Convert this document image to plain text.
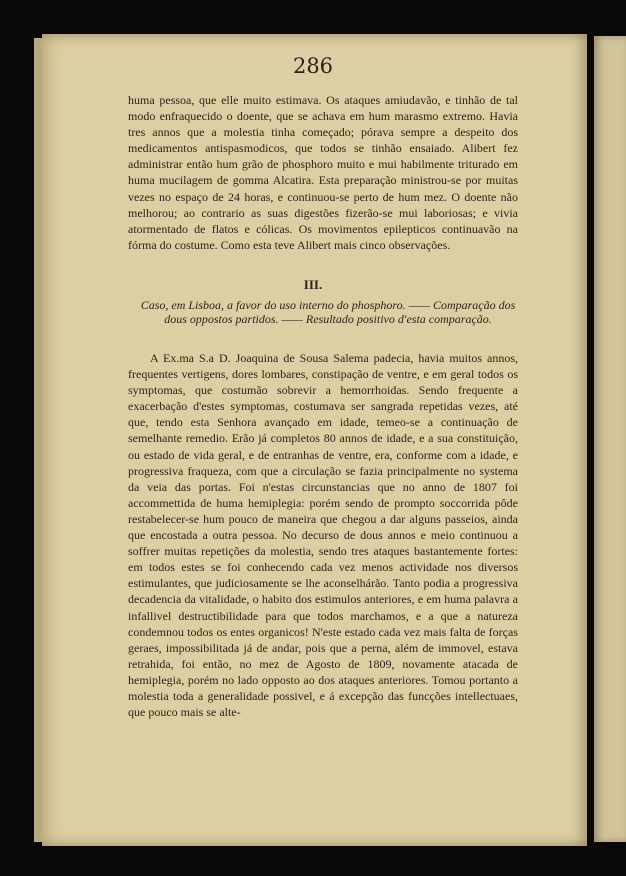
286
huma pessoa, que elle muito estimava. Os ataques amiudavão, e tinhão de tal modo enfraquecido o doente, que se achava em hum marasmo extremo. Havia tres annos que a molestia tinha começado; pórava sempre a despeito dos medicamentos antispasmodicos, que todos se tinhão ensaiado. Alibert fez administrar então hum grão de phosphoro muito e mui habilmente triturado em huma mucilagem de gomma Alcatira. Esta preparação ministrou-se por muitas vezes no espaço de 24 horas, e continuou-se perto de hum mez. O doente não melhorou; ao contrario as suas digestões fizerão-se mui laboriosas; e vivia atormentado de flatos e cólicas. Os movimentos epilepticos continuavão na fórma do costume. Como esta teve Alibert mais cinco observações.
III.
Caso, em Lisboa, a favor do uso interno do phosphoro. —— Comparação dos dous oppostos partidos. —— Resultado positivo d'esta comparação.
A Ex.ma S.a D. Joaquina de Sousa Salema padecia, havia muitos annos, frequentes vertigens, dores lombares, constipação de ventre, e em geral todos os symptomas, que costumão sobrevir a hemorrhoidas. Sendo frequente a exacerbação d'estes symptomas, costumava ser sangrada repetidas vezes, até que, tendo esta Senhora avançado em idade, temeo-se a continuação de semelhante remedio. Erão já completos 80 annos de idade, e a sua constituição, ou estado de vida geral, e de entranhas de ventre, era, conforme com a idade, e progressiva fraqueza, com que a circulação se fazia principalmente no systema da veia das portas. Foi n'estas circunstancias que no anno de 1807 foi accommettida de huma hemiplegia: porém sendo de prompto soccorrida pôde restabelecer-se hum pouco de maneira que chegou a dar alguns passeios, ainda que encostada a outra pessoa. No decurso de dous annos e meio continuou a soffrer muitas repetições da molestia, sendo tres ataques bastantemente fortes: em todos estes se foi conhecendo cada vez menos actividade nos diversos estimulantes, que judiciosamente se lhe aconselhárão. Tanto podia a progressiva decadencia da vitalidade, o habito dos estimulos anteriores, e em huma palavra a infallivel destructibilidade para que todos marchamos, e a que a natureza condemnou todos os entes organicos! N'este estado cada vez mais falta de forças geraes, impossibilitada já de andar, pois que a perna, além de immovel, estava retrahida, foi então, no mez de Agosto de 1809, novamente atacada de hemiplegia, porém no lado opposto ao dos ataques anteriores. Tomou portanto a molestia toda a generalidade possivel, e á excepção das funcções intellectuaes, que pouco mais se alte-
